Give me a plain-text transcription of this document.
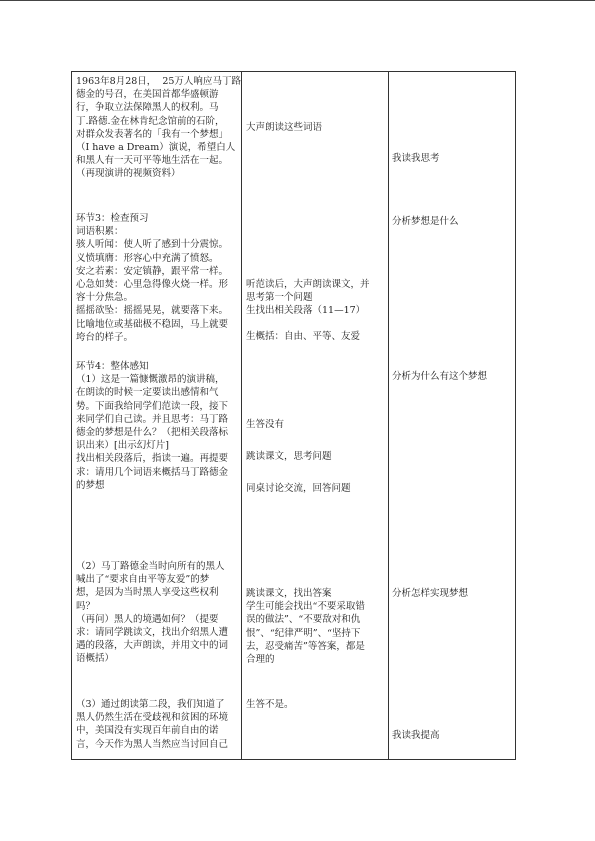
1963年8月28日，  25万人响应马丁路
德金的号召，在美国首都华盛顿游
行，争取立法保障黑人的权利。马
丁.路德.金在林肯纪念馆前的石阶，
对群众发表著名的「我有一个梦想」
（I have a Dream）演说，希望白人
和黑人有一天可平等地生活在一起。
（再现演讲的视频资料）
环节3：检查预习
词语积累：
骇人听闻：使人听了感到十分震惊。
义愤填膺：形容心中充满了愤怒。
安之若素：安定镇静，跟平常一样。
心急如焚：心里急得像火烧一样。形
容十分焦急。
摇摇欲坠：摇摇晃晃，就要落下来。
比喻地位或基础极不稳固，马上就要
垮台的样子。
环节4：整体感知
（1）这是一篇慷慨激昂的演讲稿，
在朗读的时候一定要读出感情和气
势。下面我给同学们范读一段，接下
来同学们自己读。并且思考：马丁路
德金的梦想是什么？（把相关段落标
识出来）[出示幻灯片]
找出相关段落后，指读一遍。再提要
求：请用几个词语来概括马丁路德金
的梦想
（2）马丁路德金当时向所有的黑人
喊出了“要求自由平等友爱”的梦
想，是因为当时黑人享受这些权利
吗？
（再问）黑人的境遇如何？（提要
求：请同学跳读文，找出介绍黑人遭
遇的段落，大声朗读，并用文中的词
语概括）
（3）通过朗读第二段，我们知道了
黑人仍然生活在受歧视和贫困的环境
中，美国没有实现百年前自由的诺
言，今天作为黑人当然应当讨回自己
大声朗读这些词语
听范读后，大声朗读课文，并
思考第一个问题
生找出相关段落（11—17）
生概括：自由、平等、友爱
生答没有
跳读课文，思考问题
同桌讨论交流，回答问题
跳读课文，找出答案
学生可能会找出“不要采取错
误的做法”、“不要敌对和仇
恨”、“纪律严明”、“坚持下
去，忍受痛苦”等答案，都是
合理的
生答不是。
我读我思考
分析梦想是什么
分析为什么有这个梦想
分析怎样实现梦想
我读我提高
